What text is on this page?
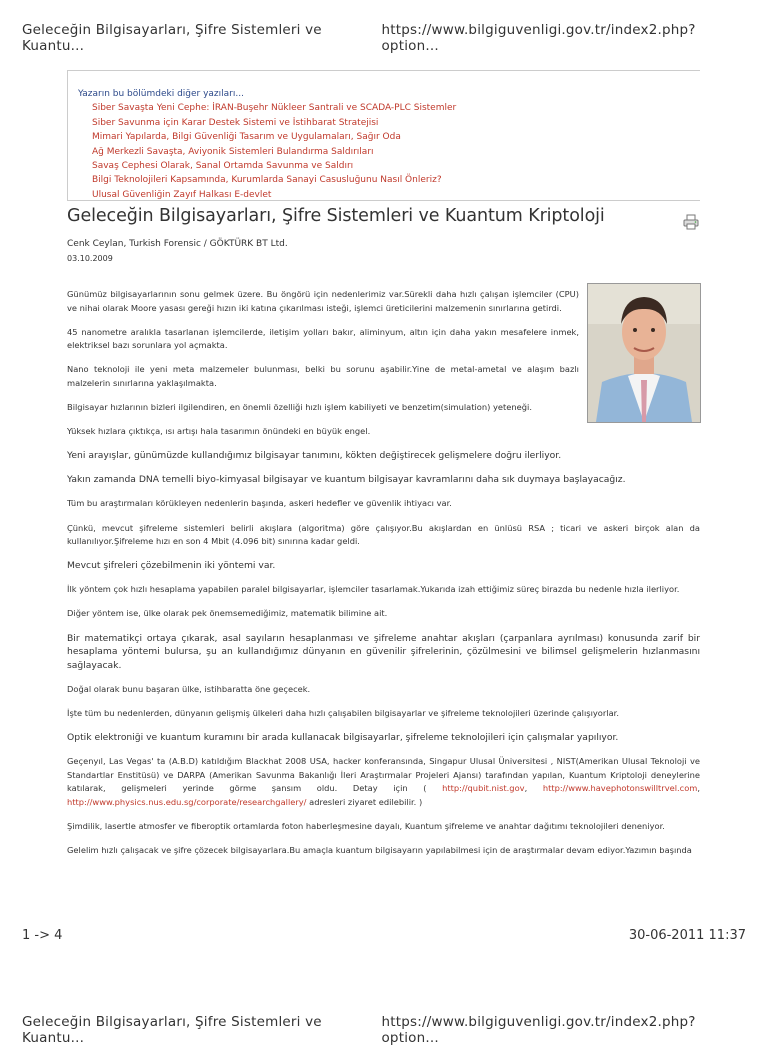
Geleceğin Bilgisayarları, Şifre Sistemleri ve Kuantu...
https://www.bilgiguvenligi.gov.tr/index2.php?option...
Yazarın bu bölümdeki diğer yazıları...
Siber Savaşta Yeni Cephe: İRAN-Buşehr Nükleer Santrali ve SCADA-PLC Sistemler
Siber Savunma için Karar Destek Sistemi ve İstihbarat Stratejisi
Mimari Yapılarda, Bilgi Güvenliği Tasarım ve Uygulamaları, Sağır Oda
Ağ Merkezli Savaşta, Aviyonik Sistemleri Bulandırma Saldırıları
Savaş Cephesi Olarak, Sanal Ortamda Savunma ve Saldırı
Bilgi Teknolojileri Kapsamında, Kurumlarda Sanayi Casusluğunu Nasıl Önleriz?
Ulusal Güvenliğin Zayıf Halkası E-devlet
Geleceğin Bilgisayarları, Şifre Sistemleri ve Kuantum Kriptoloji
Cenk Ceylan, Turkish Forensic / GÖKTÜRK BT Ltd.
03.10.2009

Günümüz bilgisayarlarının sonu gelmek üzere. Bu öngörü için nedenlerimiz var.Sürekli daha hızlı çalışan işlemciler (CPU) ve nihai olarak Moore yasası gereği hızın iki katına çıkarılması isteği, işlemci üreticilerini malzemenin sınırlarına getirdi.

45 nanometre aralıkla tasarlanan işlemcilerde, iletişim yolları bakır, aliminyum, altın için daha yakın mesafelere inmek, elektriksel bazı sorunlara yol açmakta.

Nano teknoloji ile yeni meta malzemeler bulunması, belki bu sorunu aşabilir.Yine de metal-ametal ve alaşım bazlı malzelerin sınırlarına yaklaşılmakta.

Bilgisayar hızlarının bizleri ilgilendiren, en önemli özelliği hızlı işlem kabiliyeti ve benzetim(simulation) yeteneği.

Yüksek hızlara çıktıkça, ısı artışı hala tasarımın önündeki en büyük engel.

Yeni arayışlar, günümüzde kullandığımız bilgisayar tanımını, kökten değiştirecek gelişmelere doğru ilerliyor.

Yakın zamanda DNA temelli biyo-kimyasal bilgisayar ve kuantum bilgisayar kavramlarını daha sık duymaya başlayacağız.

Tüm bu araştırmaları körükleyen nedenlerin başında, askeri hedefler ve güvenlik ihtiyacı var.

Çünkü, mevcut şifreleme sistemleri belirli akışlara (algoritma) göre çalışıyor.Bu akışlardan en ünlüsü RSA ; ticari ve askeri birçok alan da kullanılıyor.Şifreleme hızı en son 4 Mbit (4.096 bit) sınırına kadar geldi.

Mevcut şifreleri çözebilmenin iki yöntemi var.

İlk yöntem çok hızlı hesaplama yapabilen paralel bilgisayarlar, işlemciler tasarlamak.Yukarıda izah ettiğimiz süreç birazda bu nedenle hızla ilerliyor.

Diğer yöntem ise, ülke olarak pek önemsemediğimiz, matematik bilimine ait.

Bir matematikçi ortaya çıkarak, asal sayıların hesaplanması ve şifreleme anahtar akışları (çarpanlara ayrılması) konusunda zarif bir hesaplama yöntemi bulursa, şu an kullandığımız dünyanın en güvenilir şifrelerinin, çözülmesini ve bilimsel gelişmelerin hızlanmasını sağlayacak.

Doğal olarak bunu başaran ülke, istihbaratta öne geçecek.

İşte tüm bu nedenlerden, dünyanın gelişmiş ülkeleri daha hızlı çalışabilen bilgisayarlar ve şifreleme teknolojileri üzerinde çalışıyorlar.

Optik elektroniği ve kuantum kuramını bir arada kullanacak bilgisayarlar, şifreleme teknolojileri için çalışmalar yapılıyor.

Geçenyıl, Las Vegas' ta (A.B.D) katıldığım Blackhat 2008 USA, hacker konferansında, Singapur Ulusal Üniversitesi , NIST(Amerikan Ulusal Teknoloji ve Standartlar Enstitüsü) ve DARPA (Amerikan Savunma Bakanlığı İleri Araştırmalar Projeleri Ajansı) tarafından yapılan, Kuantum Kriptoloji deneylerine katılarak, gelişmeleri yerinde görme şansım oldu. Detay için ( http://qubit.nist.gov, http://www.havephotonswilltrvel.com, http://www.physics.nus.edu.sg/corporate/researchgallery/ adresleri ziyaret edilebilir. )

Şimdilik, lasertle atmosfer ve fiberoptik ortamlarda foton haberleşmesine dayalı, Kuantum şifreleme ve anahtar dağıtımı teknolojileri deneniyor.

Gelelim hızlı çalışacak ve şifre çözecek bilgisayarlara.Bu amaçla kuantum bilgisayarın yapılabilmesi için de araştırmalar devam ediyor.Yazımın başında

1 -> 4	30-06-2011 11:37
Geleceğin Bilgisayarları, Şifre Sistemleri ve Kuantu...
https://www.bilgiguvenligi.gov.tr/index2.php?option...
